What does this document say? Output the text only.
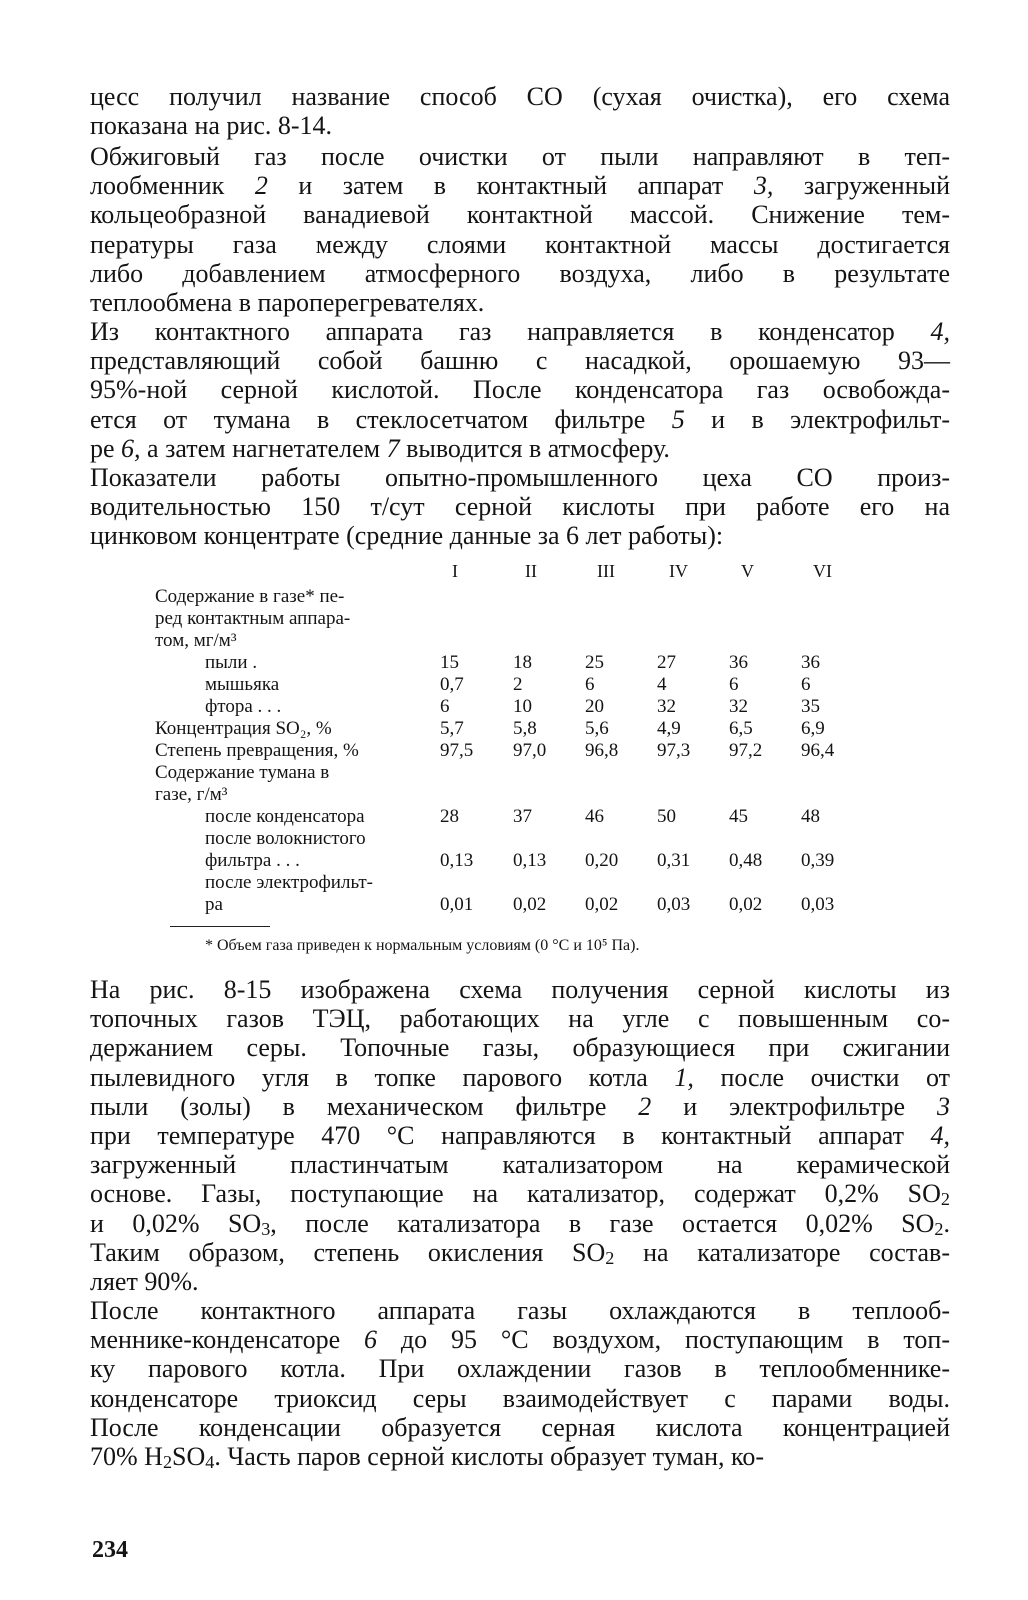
цесс получил название способ СО (сухая очистка), его схема
показана на рис. 8-14.
Обжиговый газ после очистки от пыли направляют в теп-
лообменник 2 и затем в контактный аппарат 3, загруженный
кольцеобразной ванадиевой контактной массой. Снижение тем-
пературы газа между слоями контактной массы достигается
либо добавлением атмосферного воздуха, либо в результате
теплообмена в пароперегревателях.
Из контактного аппарата газ направляется в конденсатор 4,
представляющий собой башню с насадкой, орошаемую 93—
95%-ной серной кислотой. После конденсатора газ освобожда-
ется от тумана в стеклосетчатом фильтре 5 и в электрофильт-
ре 6, а затем нагнетателем 7 выводится в атмосферу.
Показатели работы опытно-промышленного цеха СО произ-
водительностью 150 т/сут серной кислоты при работе его на
цинковом концентрате (средние данные за 6 лет работы):
На рис. 8-15 изображена схема получения серной кислоты из
топочных газов ТЭЦ, работающих на угле с повышенным со-
держанием серы. Топочные газы, образующиеся при сжигании
пылевидного угля в топке парового котла 1, после очистки от
пыли (золы) в механическом фильтре 2 и электрофильтре 3
при температуре 470 °С направляются в контактный аппарат 4,
загруженный пластинчатым катализатором на керамической
основе. Газы, поступающие на катализатор, содержат 0,2% $SO_2$
и 0,02% $SO_3$, после катализатора в газе остается 0,02% $SO_2$.
Таким образом, степень окисления $SO_2$ на катализаторе состав-
ляет 90%.
После контактного аппарата газы охлаждаются в теплооб-
меннике-конденсаторе 6 до 95 °С воздухом, поступающим в топ-
ку парового котла. При охлаждении газов в теплообменнике-
конденсаторе триоксид серы взаимодействует с парами воды.
После конденсации образуется серная кислота концентрацией
70% $H_2SO_4$. Часть паров серной кислоты образует туман, ко-
I	II	III	IV	V	VI
Содержание в газе* пе-
ред контактным аппара-
том, мг/м³
пыли .	15	18	25	27	36	36
мышьяка	0,7	2	6	4	6	6
фтора . . .	6	10	20	32	32	35
Концентрация SO₂, %	5,7	5,8	5,6	4,9	6,5	6,9
Степень превращения, %	97,5 97,0 96,8 97,3 97,2 96,4
Содержание тумана в
газе, г/м³
после конденсатора	28	37	46	50	45	48
после волокнистого
фильтра . . .	0,13 0,13 0,20 0,31 0,48 0,39
после электрофильт-
ра	0,01 0,02 0,02 0,03 0,02 0,03
* Объем газа приведен к нормальным условиям (0 °С и 10⁵ Па).
234
